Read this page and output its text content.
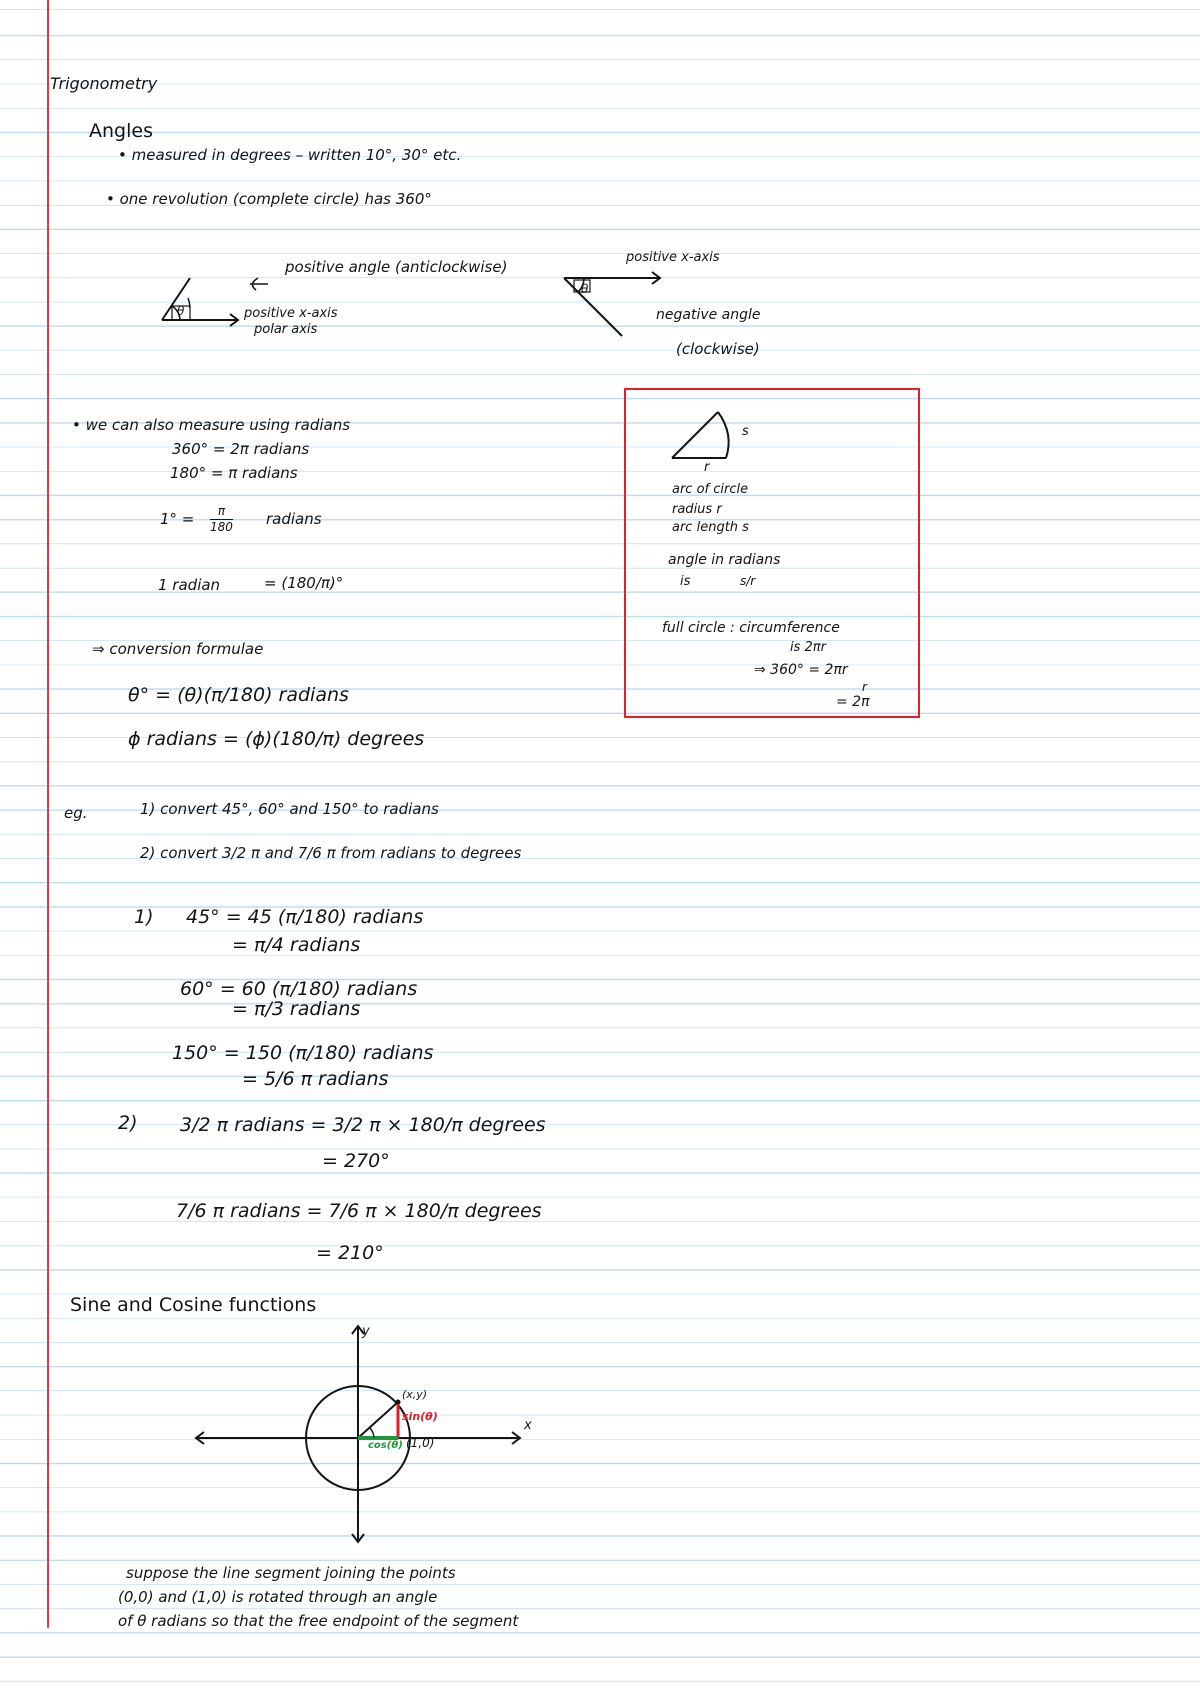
Trigonometry
Angles
• measured in degrees – written 10°, 30° etc.
• one revolution (complete circle) has 360°
θ
positive angle (anticlockwise)
positive x-axis
polar axis
θ
positive x-axis
negative angle
(clockwise)
• we can also measure using radians
360° = 2π radians
180° = π radians
1° = π
180 radians
1 radian	= (180/π)°
s
r
arc of circle
radius r
arc length s
angle in radians
is	s/r
full circle : circumference
is 2πr
⇒ 360° = 2πr
r
= 2π
⇒ conversion formulae
θ° = (θ)(π/180) radians
ϕ radians = (ϕ)(180/π) degrees
eg.	1) convert 45°, 60° and 150° to radians
2) convert 3/2 π and 7/6 π from radians to degrees
1) 45° = 45 (π/180) radians
= π/4 radians
60° = 60 (π/180) radians
= π/3 radians
150° = 150 (π/180) radians
= 5/6 π radians
2) 3/2 π radians = 3/2 π × 180/π degrees
= 270°
7/6 π radians = 7/6 π × 180/π degrees
= 210°
Sine and Cosine functions
y
x
(x,y)
sin(θ)
cos(θ) (1,0)
suppose the line segment joining the points
(0,0) and (1,0) is rotated through an angle
of θ radians so that the free endpoint of the segment
